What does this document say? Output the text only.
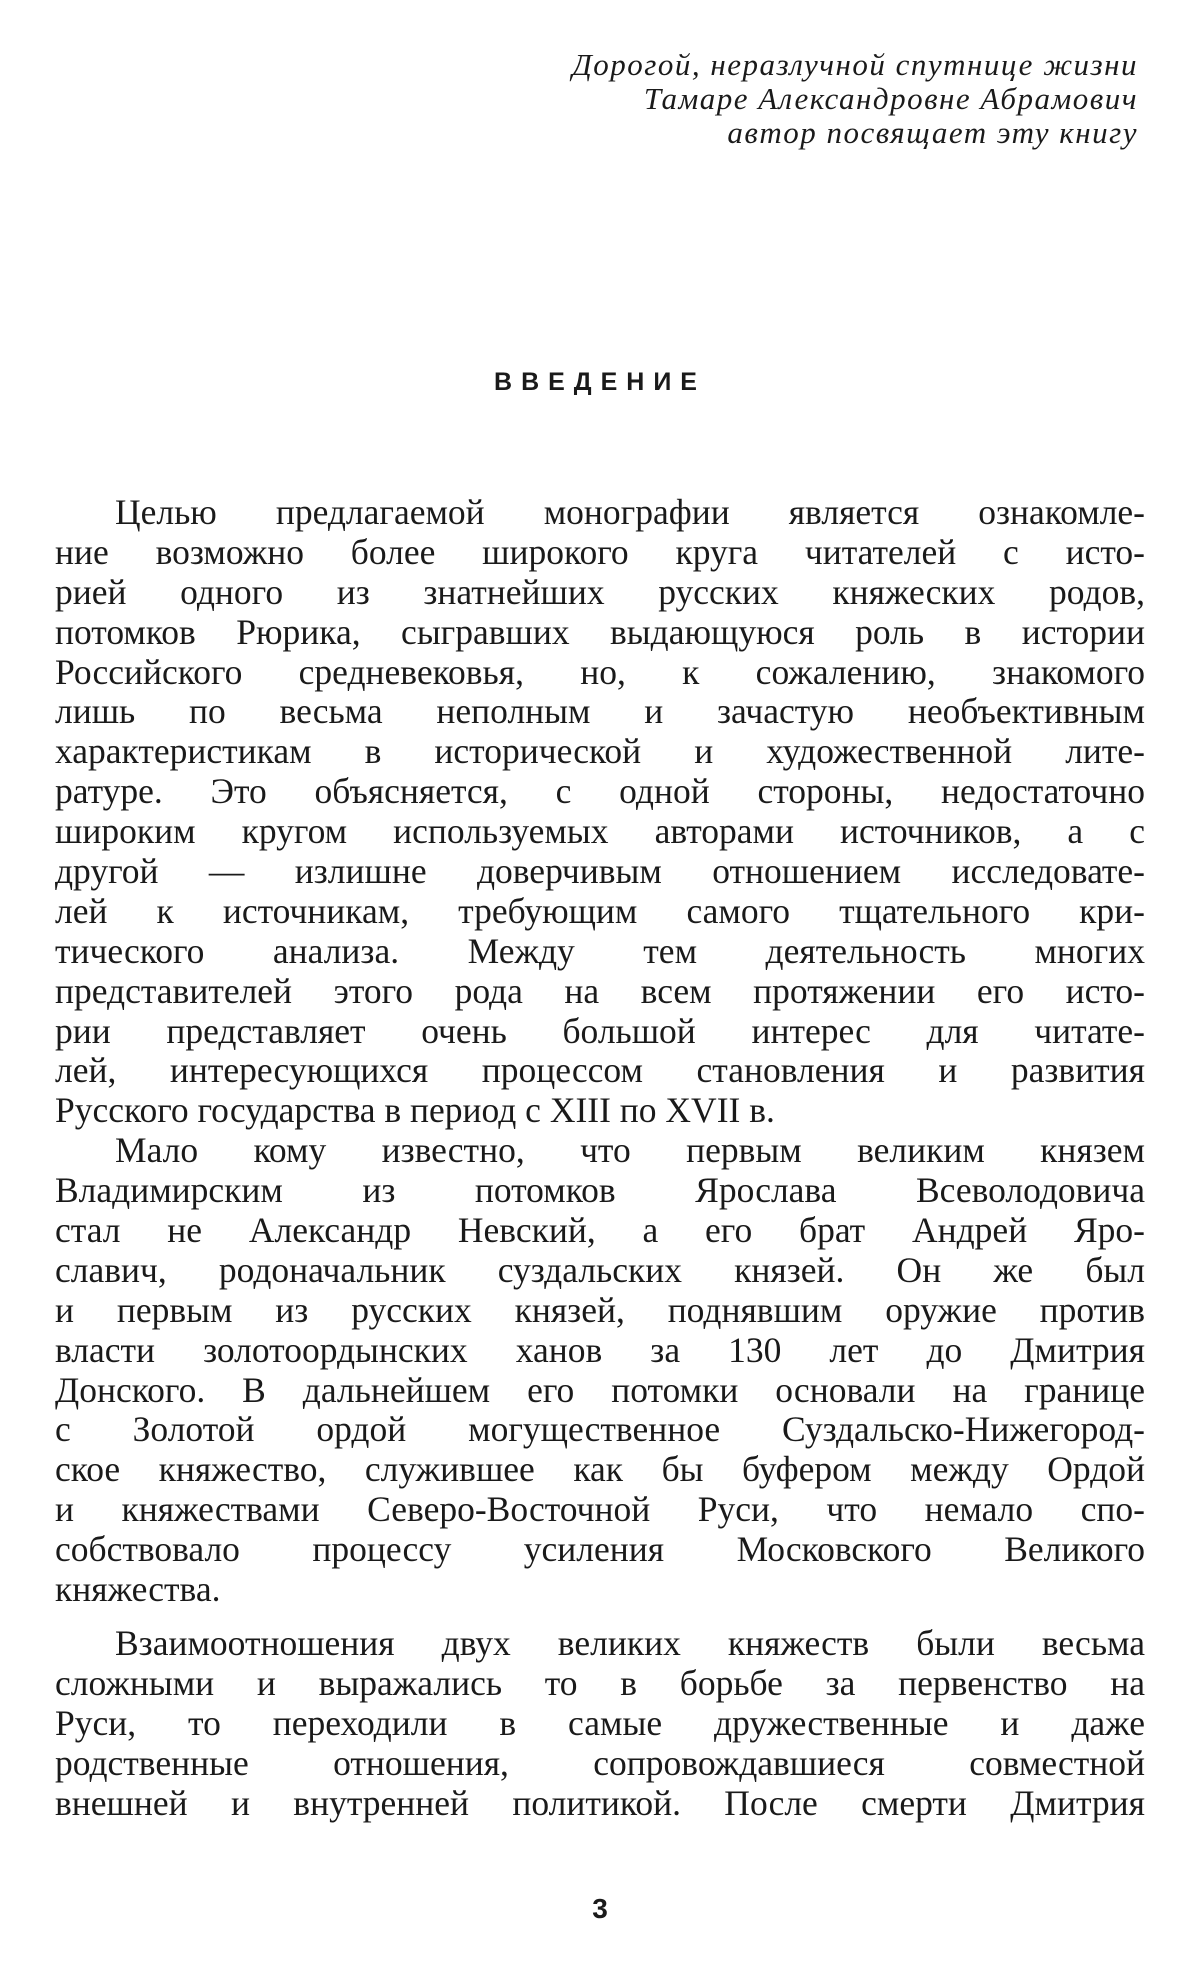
Дорогой, неразлучной спутнице жизни
Тамаре Александровне Абрамович
автор посвящает эту книгу
ВВЕДЕНИЕ
Целью предлагаемой монографии является ознакомле-
ние возможно более широкого круга читателей с исто-
рией одного из знатнейших русских княжеских родов,
потомков Рюрика, сыгравших выдающуюся роль в истории
Российского средневековья, но, к сожалению, знакомого
лишь по весьма неполным и зачастую необъективным
характеристикам в исторической и художественной лите-
ратуре. Это объясняется, с одной стороны, недостаточно
широким кругом используемых авторами источников, а с
другой — излишне доверчивым отношением исследовате-
лей к источникам, требующим самого тщательного кри-
тического анализа. Между тем деятельность многих
представителей этого рода на всем протяжении его исто-
рии представляет очень большой интерес для читате-
лей, интересующихся процессом становления и развития
Русского государства в период с XIII по XVII в.
Мало кому известно, что первым великим князем
Владимирским из потомков Ярослава Всеволодовича
стал не Александр Невский, а его брат Андрей Яро-
славич, родоначальник суздальских князей. Он же был
и первым из русских князей, поднявшим оружие против
власти золотоордынских ханов за 130 лет до Дмитрия
Донского. В дальнейшем его потомки основали на границе
с Золотой ордой могущественное Суздальско-Нижегород-
ское княжество, служившее как бы буфером между Ордой
и княжествами Северо-Восточной Руси, что немало спо-
собствовало процессу усиления Московского Великого
княжества.
Взаимоотношения двух великих княжеств были весьма
сложными и выражались то в борьбе за первенство на
Руси, то переходили в самые дружественные и даже
родственные отношения, сопровождавшиеся совместной
внешней и внутренней политикой. После смерти Дмитрия
3
